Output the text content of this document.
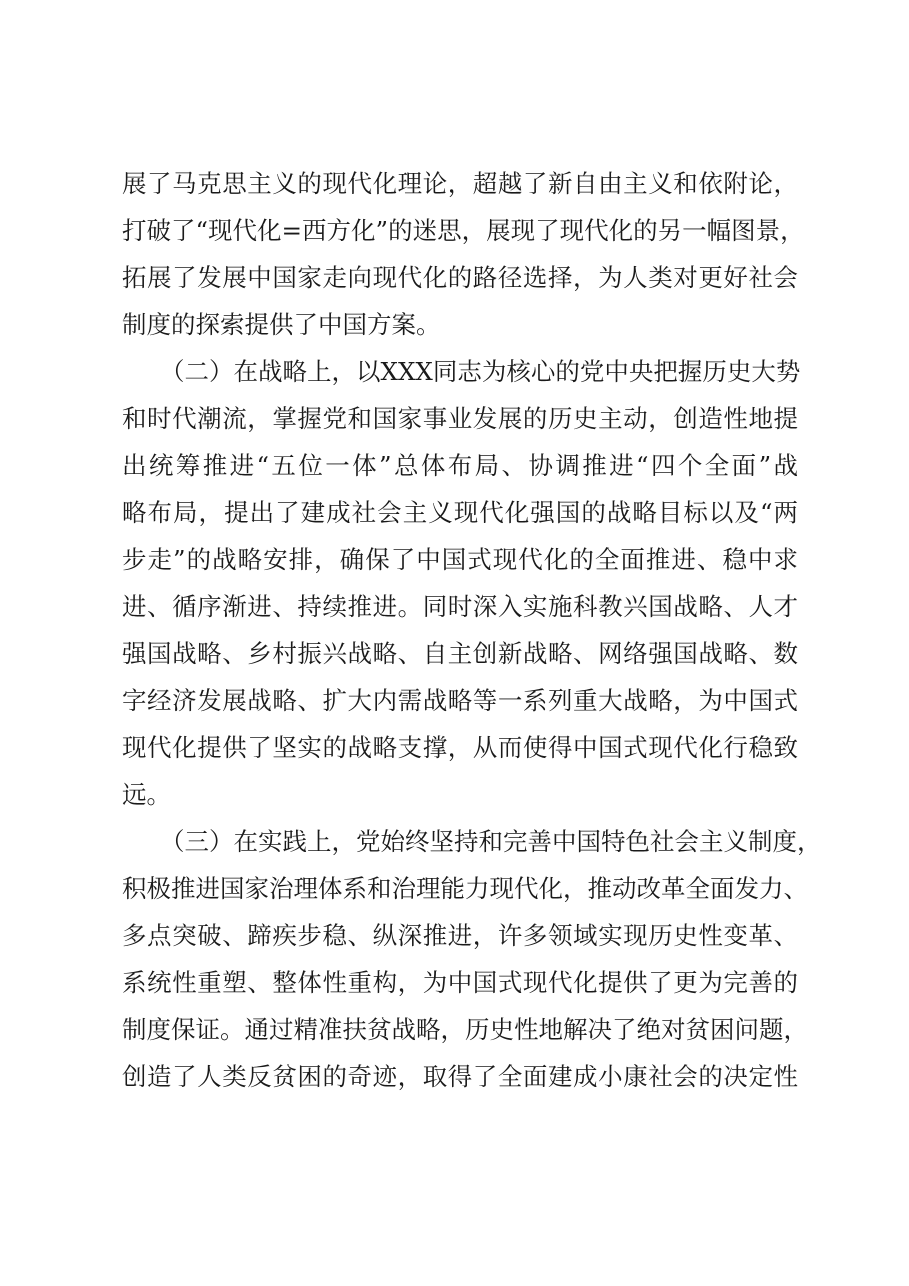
展了马克思主义的现代化理论，超越了新自由主义和依附论，
打破了“现代化=西方化”的迷思，展现了现代化的另一幅图景，
拓展了发展中国家走向现代化的路径选择，为人类对更好社会
制度的探索提供了中国方案。
（二）在战略上，以XXX同志为核心的党中央把握历史大势
和时代潮流，掌握党和国家事业发展的历史主动，创造性地提
出统筹推进“五位一体”总体布局、协调推进“四个全面”战
略布局，提出了建成社会主义现代化强国的战略目标以及“两
步走”的战略安排，确保了中国式现代化的全面推进、稳中求
进、循序渐进、持续推进。同时深入实施科教兴国战略、人才
强国战略、乡村振兴战略、自主创新战略、网络强国战略、数
字经济发展战略、扩大内需战略等一系列重大战略，为中国式
现代化提供了坚实的战略支撑，从而使得中国式现代化行稳致
远。
（三）在实践上，党始终坚持和完善中国特色社会主义制度，
积极推进国家治理体系和治理能力现代化，推动改革全面发力、
多点突破、蹄疾步稳、纵深推进，许多领域实现历史性变革、
系统性重塑、整体性重构，为中国式现代化提供了更为完善的
制度保证。通过精准扶贫战略，历史性地解决了绝对贫困问题，
创造了人类反贫困的奇迹，取得了全面建成小康社会的决定性
